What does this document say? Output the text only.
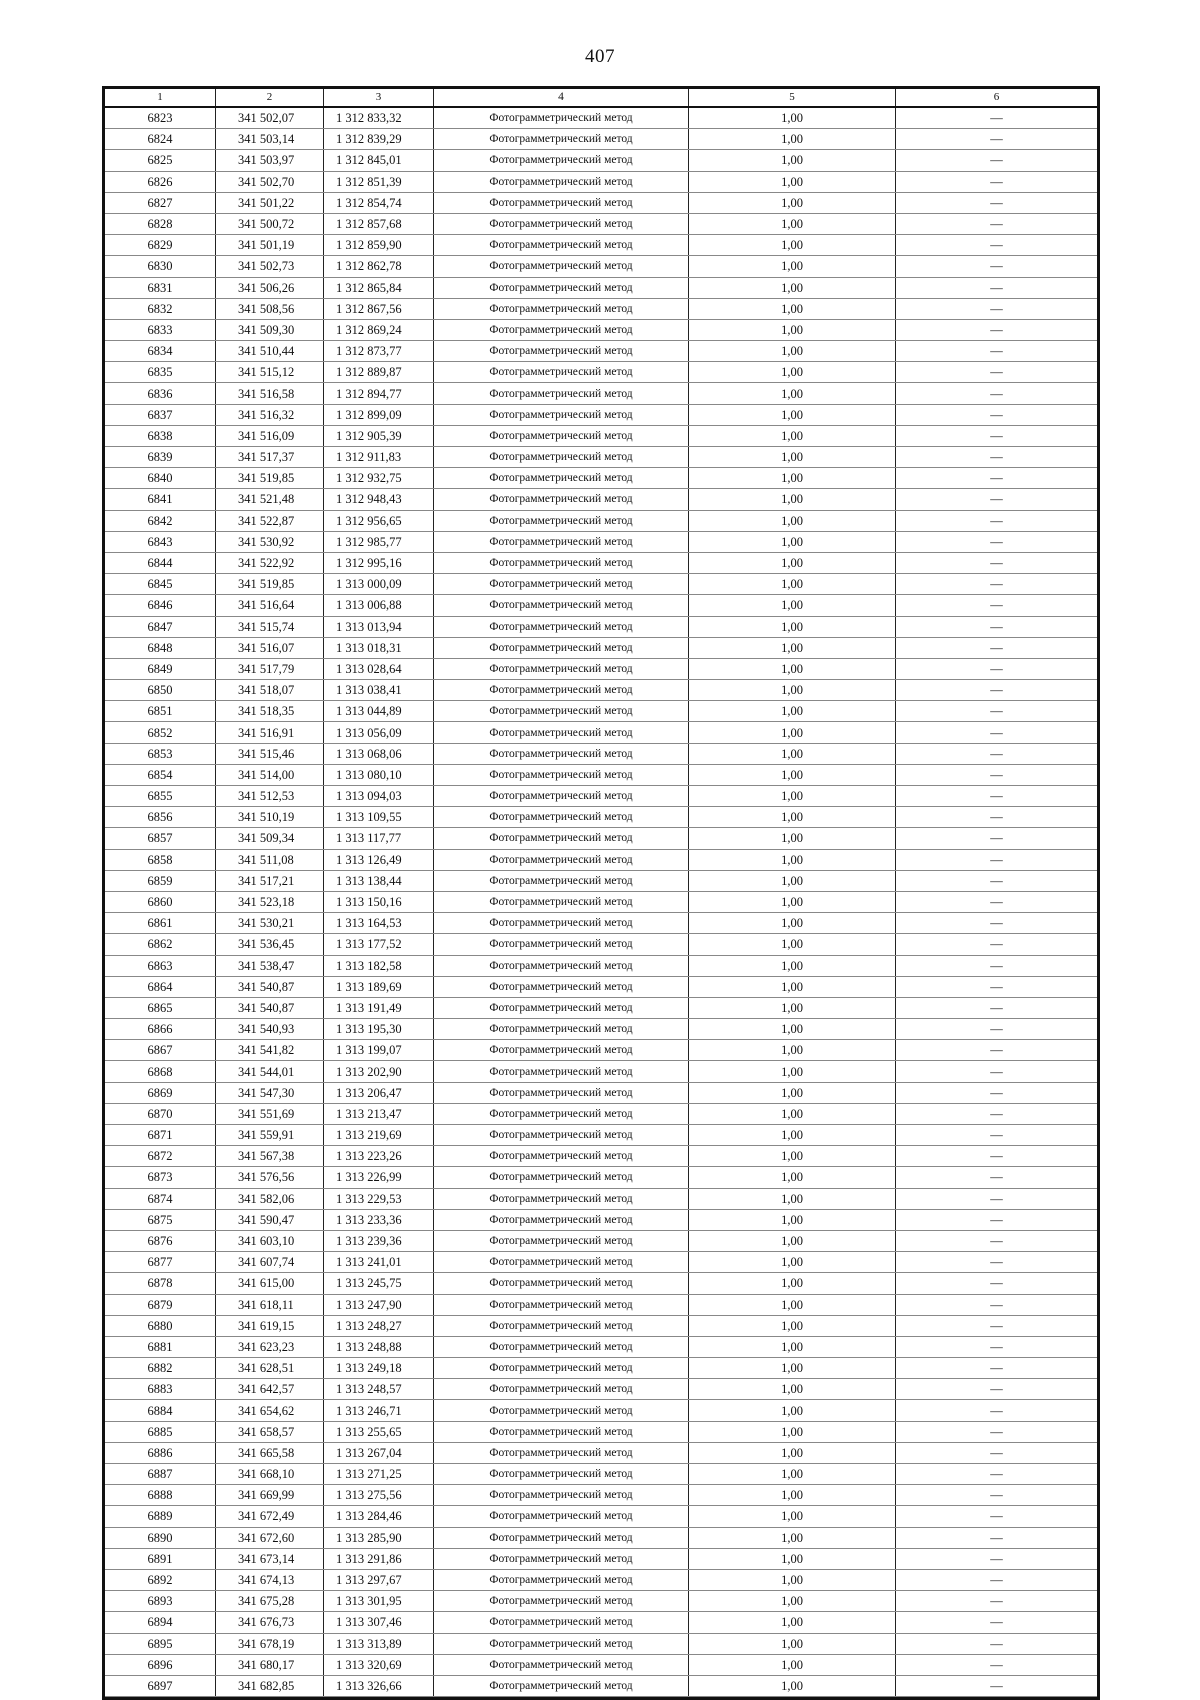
407
1	2	3	4	5	6
6823	341 502,07	1 312 833,32	Фотограмметрический метод	1,00	—
6824	341 503,14	1 312 839,29	Фотограмметрический метод	1,00	—
6825	341 503,97	1 312 845,01	Фотограмметрический метод	1,00	—
6826	341 502,70	1 312 851,39	Фотограмметрический метод	1,00	—
6827	341 501,22	1 312 854,74	Фотограмметрический метод	1,00	—
6828	341 500,72	1 312 857,68	Фотограмметрический метод	1,00	—
6829	341 501,19	1 312 859,90	Фотограмметрический метод	1,00	—
6830	341 502,73	1 312 862,78	Фотограмметрический метод	1,00	—
6831	341 506,26	1 312 865,84	Фотограмметрический метод	1,00	—
6832	341 508,56	1 312 867,56	Фотограмметрический метод	1,00	—
6833	341 509,30	1 312 869,24	Фотограмметрический метод	1,00	—
6834	341 510,44	1 312 873,77	Фотограмметрический метод	1,00	—
6835	341 515,12	1 312 889,87	Фотограмметрический метод	1,00	—
6836	341 516,58	1 312 894,77	Фотограмметрический метод	1,00	—
6837	341 516,32	1 312 899,09	Фотограмметрический метод	1,00	—
6838	341 516,09	1 312 905,39	Фотограмметрический метод	1,00	—
6839	341 517,37	1 312 911,83	Фотограмметрический метод	1,00	—
6840	341 519,85	1 312 932,75	Фотограмметрический метод	1,00	—
6841	341 521,48	1 312 948,43	Фотограмметрический метод	1,00	—
6842	341 522,87	1 312 956,65	Фотограмметрический метод	1,00	—
6843	341 530,92	1 312 985,77	Фотограмметрический метод	1,00	—
6844	341 522,92	1 312 995,16	Фотограмметрический метод	1,00	—
6845	341 519,85	1 313 000,09	Фотограмметрический метод	1,00	—
6846	341 516,64	1 313 006,88	Фотограмметрический метод	1,00	—
6847	341 515,74	1 313 013,94	Фотограмметрический метод	1,00	—
6848	341 516,07	1 313 018,31	Фотограмметрический метод	1,00	—
6849	341 517,79	1 313 028,64	Фотограмметрический метод	1,00	—
6850	341 518,07	1 313 038,41	Фотограмметрический метод	1,00	—
6851	341 518,35	1 313 044,89	Фотограмметрический метод	1,00	—
6852	341 516,91	1 313 056,09	Фотограмметрический метод	1,00	—
6853	341 515,46	1 313 068,06	Фотограмметрический метод	1,00	—
6854	341 514,00	1 313 080,10	Фотограмметрический метод	1,00	—
6855	341 512,53	1 313 094,03	Фотограмметрический метод	1,00	—
6856	341 510,19	1 313 109,55	Фотограмметрический метод	1,00	—
6857	341 509,34	1 313 117,77	Фотограмметрический метод	1,00	—
6858	341 511,08	1 313 126,49	Фотограмметрический метод	1,00	—
6859	341 517,21	1 313 138,44	Фотограмметрический метод	1,00	—
6860	341 523,18	1 313 150,16	Фотограмметрический метод	1,00	—
6861	341 530,21	1 313 164,53	Фотограмметрический метод	1,00	—
6862	341 536,45	1 313 177,52	Фотограмметрический метод	1,00	—
6863	341 538,47	1 313 182,58	Фотограмметрический метод	1,00	—
6864	341 540,87	1 313 189,69	Фотограмметрический метод	1,00	—
6865	341 540,87	1 313 191,49	Фотограмметрический метод	1,00	—
6866	341 540,93	1 313 195,30	Фотограмметрический метод	1,00	—
6867	341 541,82	1 313 199,07	Фотограмметрический метод	1,00	—
6868	341 544,01	1 313 202,90	Фотограмметрический метод	1,00	—
6869	341 547,30	1 313 206,47	Фотограмметрический метод	1,00	—
6870	341 551,69	1 313 213,47	Фотограмметрический метод	1,00	—
6871	341 559,91	1 313 219,69	Фотограмметрический метод	1,00	—
6872	341 567,38	1 313 223,26	Фотограмметрический метод	1,00	—
6873	341 576,56	1 313 226,99	Фотограмметрический метод	1,00	—
6874	341 582,06	1 313 229,53	Фотограмметрический метод	1,00	—
6875	341 590,47	1 313 233,36	Фотограмметрический метод	1,00	—
6876	341 603,10	1 313 239,36	Фотограмметрический метод	1,00	—
6877	341 607,74	1 313 241,01	Фотограмметрический метод	1,00	—
6878	341 615,00	1 313 245,75	Фотограмметрический метод	1,00	—
6879	341 618,11	1 313 247,90	Фотограмметрический метод	1,00	—
6880	341 619,15	1 313 248,27	Фотограмметрический метод	1,00	—
6881	341 623,23	1 313 248,88	Фотограмметрический метод	1,00	—
6882	341 628,51	1 313 249,18	Фотограмметрический метод	1,00	—
6883	341 642,57	1 313 248,57	Фотограмметрический метод	1,00	—
6884	341 654,62	1 313 246,71	Фотограмметрический метод	1,00	—
6885	341 658,57	1 313 255,65	Фотограмметрический метод	1,00	—
6886	341 665,58	1 313 267,04	Фотограмметрический метод	1,00	—
6887	341 668,10	1 313 271,25	Фотограмметрический метод	1,00	—
6888	341 669,99	1 313 275,56	Фотограмметрический метод	1,00	—
6889	341 672,49	1 313 284,46	Фотограмметрический метод	1,00	—
6890	341 672,60	1 313 285,90	Фотограмметрический метод	1,00	—
6891	341 673,14	1 313 291,86	Фотограмметрический метод	1,00	—
6892	341 674,13	1 313 297,67	Фотограмметрический метод	1,00	—
6893	341 675,28	1 313 301,95	Фотограмметрический метод	1,00	—
6894	341 676,73	1 313 307,46	Фотограмметрический метод	1,00	—
6895	341 678,19	1 313 313,89	Фотограмметрический метод	1,00	—
6896	341 680,17	1 313 320,69	Фотограмметрический метод	1,00	—
6897	341 682,85	1 313 326,66	Фотограмметрический метод	1,00	—
